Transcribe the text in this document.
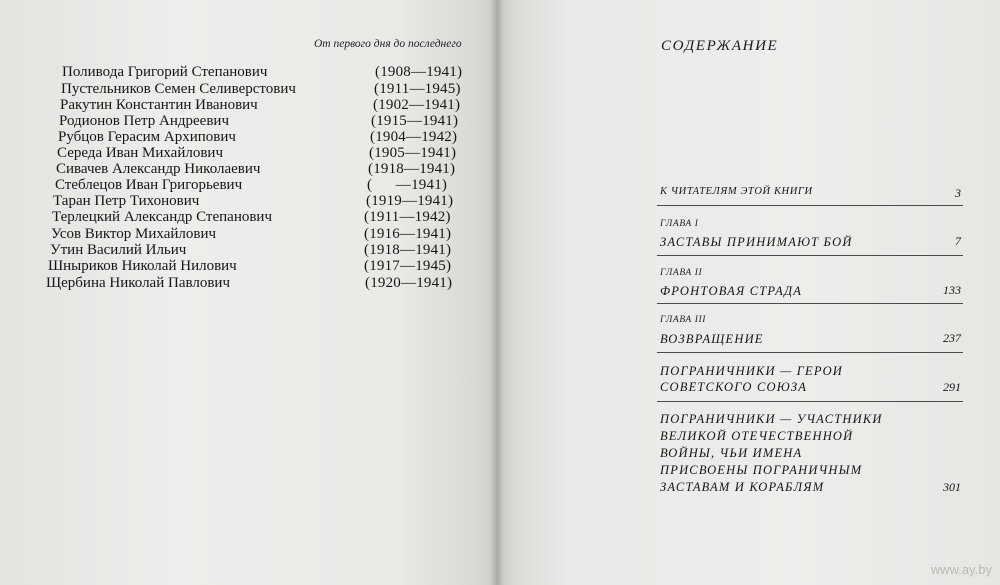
От первого дня до последнего
Поливода Григорий Степанович	(1908—1941)
Пустельников Семен Селиверстович	(1911—1945)
Ракутин Константин Иванович	(1902—1941)
Родионов Петр Андреевич	(1915—1941)
Рубцов Герасим Архипович	(1904—1942)
Середа Иван Михайлович	(1905—1941)
Сивачев Александр Николаевич	(1918—1941)
Стеблецов Иван Григорьевич	(      —1941)
Таран Петр Тихонович	(1919—1941)
Терлецкий Александр Степанович	(1911—1942)
Усов Виктор Михайлович	(1916—1941)
Утин Василий Ильич	(1918—1941)
Шныриков Николай Нилович	(1917—1945)
Щербина Николай Павлович	(1920—1941)
СОДЕРЖАНИЕ
К ЧИТАТЕЛЯМ ЭТОЙ КНИГИ	3
ГЛАВА I
ЗАСТАВЫ ПРИНИМАЮТ БОЙ	7
ГЛАВА II
ФРОНТОВАЯ СТРАДА	133
ГЛАВА III
ВОЗВРАЩЕНИЕ	237
ПОГРАНИЧНИКИ — ГЕРОИ
СОВЕТСКОГО СОЮЗА	291
ПОГРАНИЧНИКИ — УЧАСТНИКИ
ВЕЛИКОЙ ОТЕЧЕСТВЕННОЙ
ВОЙНЫ, ЧЬИ ИМЕНА
ПРИСВОЕНЫ ПОГРАНИЧНЫМ
ЗАСТАВАМ И КОРАБЛЯМ	301
www.ay.by
